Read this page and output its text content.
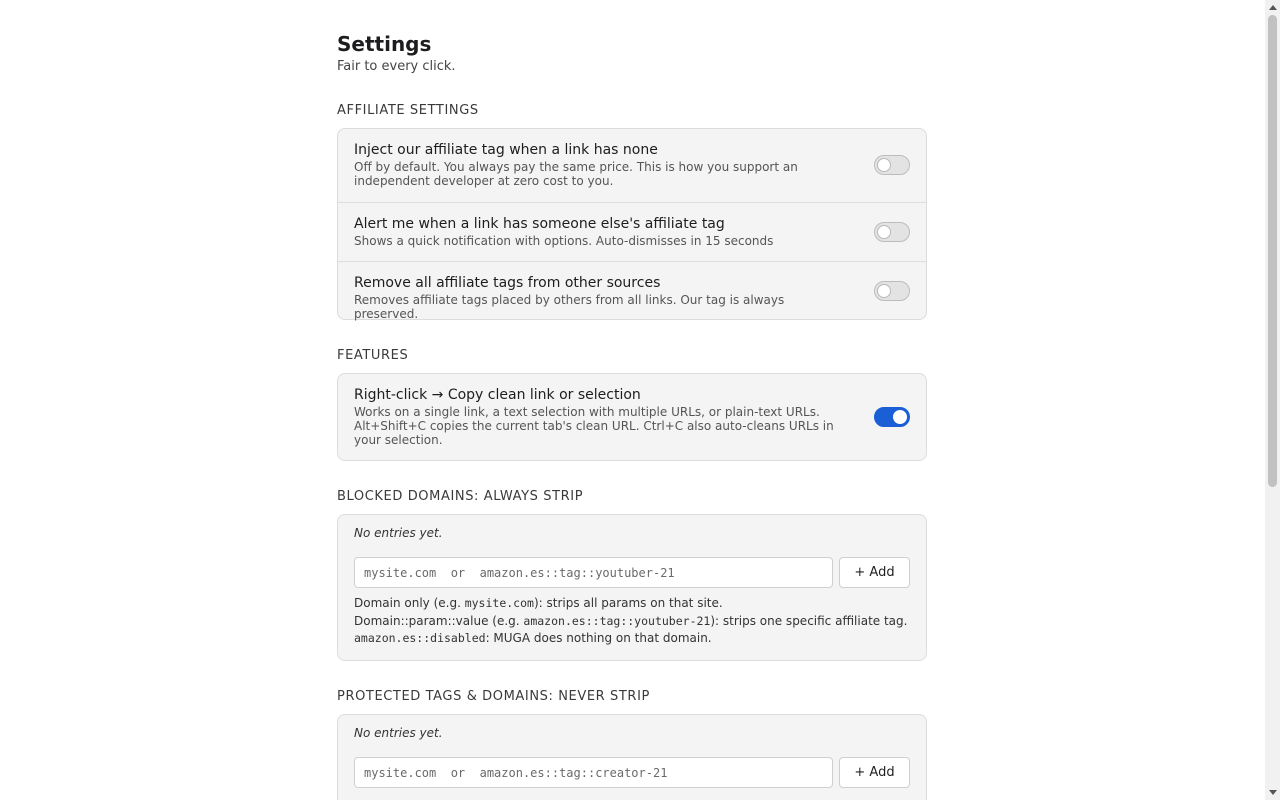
Settings
Fair to every click.
AFFILIATE SETTINGS
Inject our affiliate tag when a link has none
Off by default. You always pay the same price. This is how you support an independent developer at zero cost to you.
Alert me when a link has someone else's affiliate tag
Shows a quick notification with options. Auto-dismisses in 15 seconds
Remove all affiliate tags from other sources
Removes affiliate tags placed by others from all links. Our tag is always preserved.
FEATURES
Right-click → Copy clean link or selection
Works on a single link, a text selection with multiple URLs, or plain-text URLs. Alt+Shift+C copies the current tab's clean URL. Ctrl+C also auto-cleans URLs in your selection.
BLOCKED DOMAINS: ALWAYS STRIP
No entries yet.
mysite.com or amazon.es::tag::youtuber-21
+ Add
Domain only (e.g. mysite.com): strips all params on that site.
Domain::param::value (e.g. amazon.es::tag::youtuber-21): strips one specific affiliate tag.
amazon.es::disabled: MUGA does nothing on that domain.
PROTECTED TAGS & DOMAINS: NEVER STRIP
No entries yet.
mysite.com or amazon.es::tag::creator-21
+ Add
